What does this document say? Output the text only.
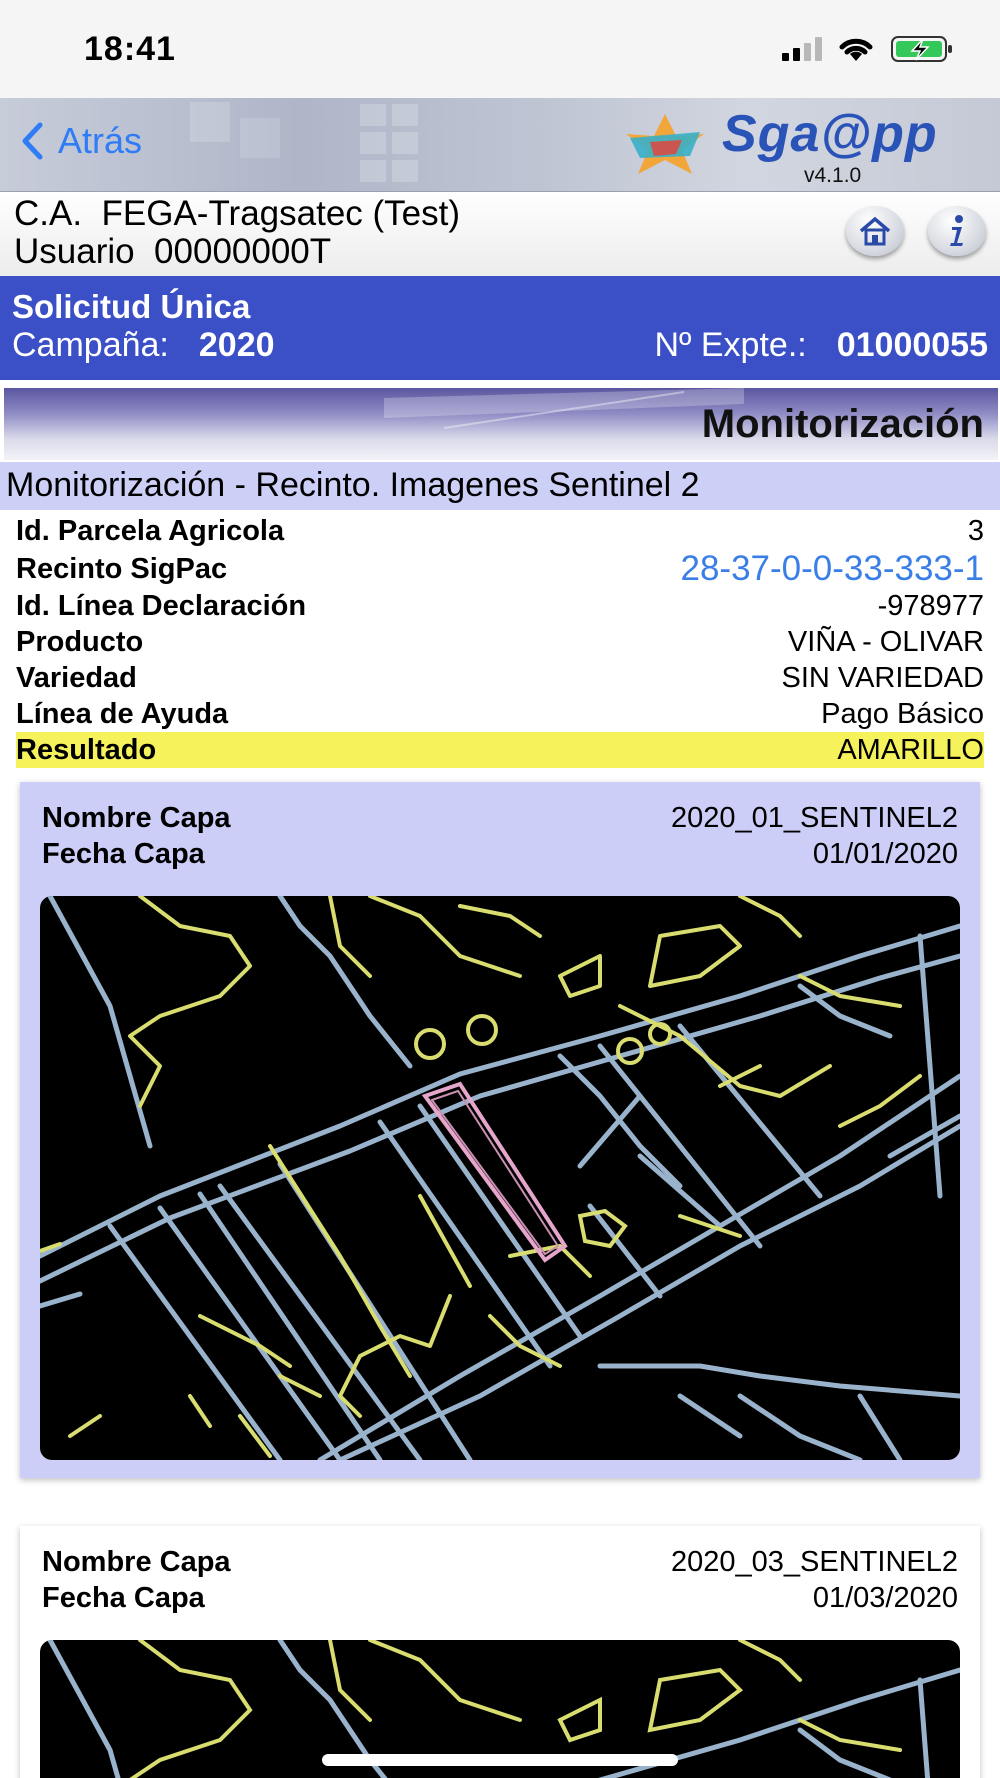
18:41
Atrás	Sga@pp
v4.1.0
C.A.  FEGA-Tragsatec (Test)
Usuario  00000000T
Solicitud Única
Campaña: 2020	Nº Expte.: 01000055
Monitorización
Monitorización - Recinto. Imagenes Sentinel 2
Id. Parcela Agricola	3
Recinto SigPac	28-37-0-0-33-333-1
Id. Línea Declaración	-978977
Producto	VIÑA - OLIVAR
Variedad	SIN VARIEDAD
Línea de Ayuda	Pago Básico
Resultado	AMARILLO
Nombre Capa	2020_01_SENTINEL2
Fecha Capa	01/01/2020
Nombre Capa	2020_03_SENTINEL2
Fecha Capa	01/03/2020
